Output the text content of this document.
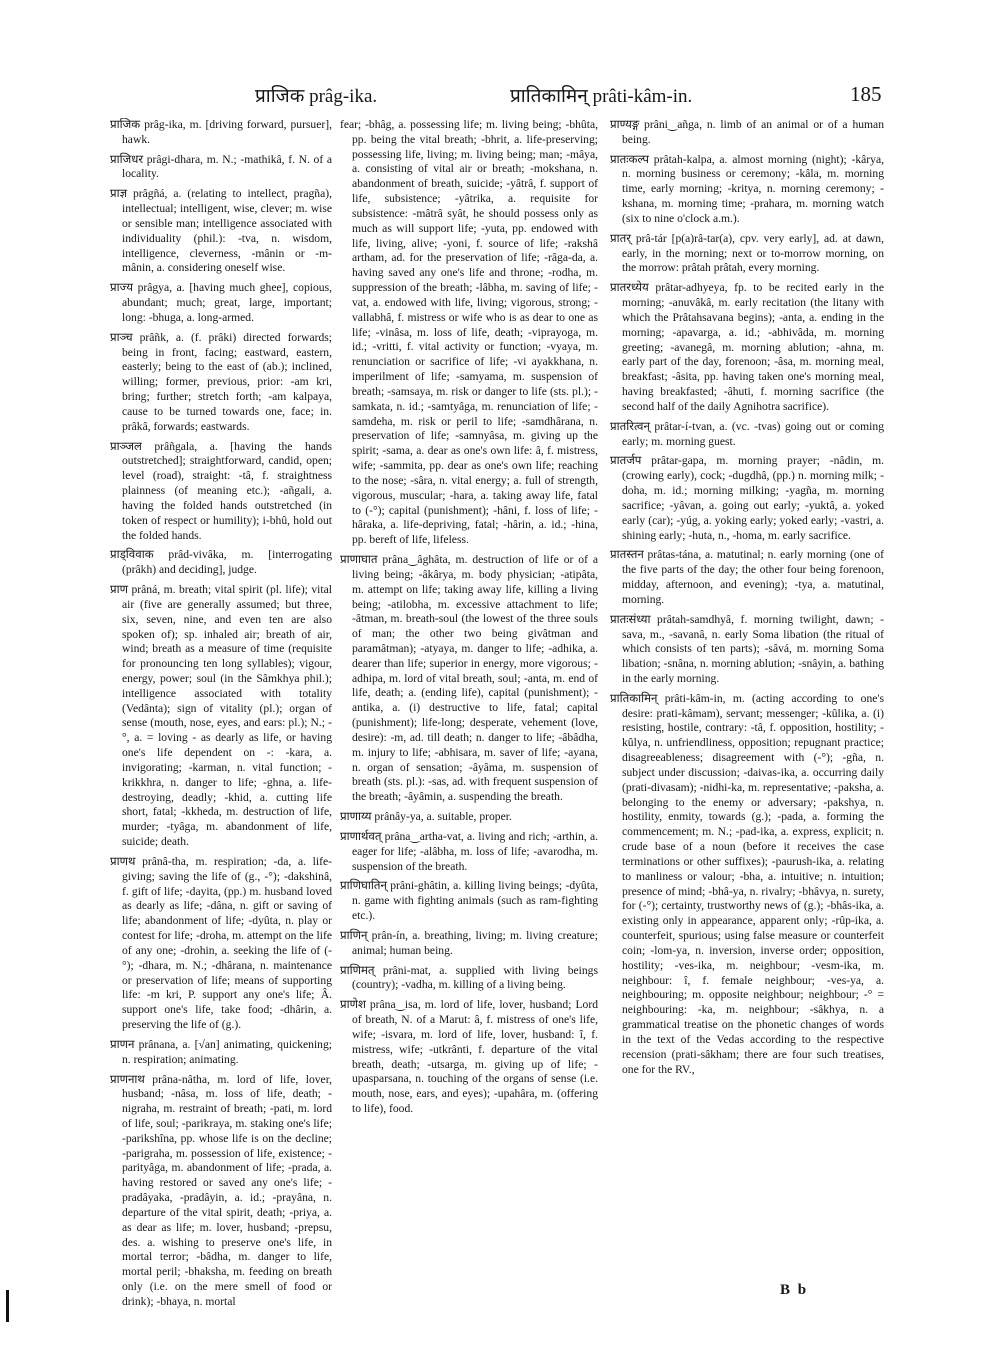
प्राजिक prâg-ika.	प्रातिकामिन् prâti-kâm-in.	185

प्राजिक prâg-ika, m. [driving forward, pursuer], hawk.

प्राजिधर prâgi-dhara, m. N.; -mathikâ, f. N. of a locality.

प्राज्ञ prâgñá, a. (relating to intellect, pragña), intellectual; intelligent, wise, clever; m. wise or sensible man; intelligence associated with individuality (phil.): -tva, n. wisdom, intelligence, cleverness, -mânin or -m-mânin, a. considering oneself wise.

प्राज्य prâgya, a. [having much ghee], copious, abundant; much; great, large, important; long: -bhuga, a. long-armed.

प्राञ्च prâñk, a. (f. prâki) directed forwards; being in front, facing; eastward, eastern, easterly; being to the east of (ab.); inclined, willing; former, previous, prior: -am kri, bring; further; stretch forth; -am kalpaya, cause to be turned towards one, face; in. prâkâ, forwards; eastwards.

प्राञ्जल prâñgala, a. [having the hands outstretched]; straightforward, candid, open; level (road), straight: -tâ, f. straightness plainness (of meaning etc.); -añgali, a. having the folded hands outstretched (in token of respect or humility); i-bhû, hold out the folded hands.

प्राड्विवाक prâd-vivâka, m. [interrogating (prâkh) and deciding], judge.

प्राण prâná, m. breath; vital spirit (pl. life); vital air (five are generally assumed; but three, six, seven, nine, and even ten are also spoken of); sp. inhaled air; breath of air, wind; breath as a measure of time (requisite for pronouncing ten long syllables); vigour, energy, power; soul (in the Sâmkhya phil.); intelligence associated with totality (Vedânta); sign of vitality (pl.); organ of sense (mouth, nose, eyes, and ears: pl.); N.; -°, a. = loving - as dearly as life, or having one's life dependent on -: -kara, a. invigorating; -karman, n. vital function; -krikkhra, n. danger to life; -ghna, a. life-destroying, deadly; -khid, a. cutting life short, fatal; -kkheda, m. destruction of life, murder; -tyâga, m. abandonment of life, suicide; death.

प्राणथ prânâ-tha, m. respiration; -da, a. life-giving; saving the life of (g., -°); -dakshinâ, f. gift of life; -dayita, (pp.) m. husband loved as dearly as life; -dâna, n. gift or saving of life; abandonment of life; -dyûta, n. play or contest for life; -droha, m. attempt on the life of any one; -drohin, a. seeking the life of (-°); -dhara, m. N.; -dhârana, n. maintenance or preservation of life; means of supporting life: -m kri, P. support any one's life; Â. support one's life, take food; -dhârin, a. preserving the life of (g.).

प्राणन prânana, a. [√an] animating, quickening; n. respiration; animating.

प्राणनाथ prâna-nâtha, m. lord of life, lover, husband; -nâsa, m. loss of life, death; -nigraha, m. restraint of breath; -pati, m. lord of life, soul; -parikraya, m. staking one's life; -parikshîna, pp. whose life is on the decline; -parigraha, m. possession of life, existence; -parityâga, m. abandonment of life; -prada, a. having restored or saved any one's life; -pradâyaka, -pradâyin, a. id.; -prayâna, n. departure of the vital spirit, death; -priya, a. as dear as life; m. lover, husband; -prepsu, des. a. wishing to preserve one's life, in mortal terror; -bâdha, m. danger to life, mortal peril; -bhaksha, m. feeding on breath only (i.e. on the mere smell of food or drink); -bhaya, n. mortal

fear; -bhâg, a. possessing life; m. living being; -bhûta, pp. being the vital breath; -bhrit, a. life-preserving; possessing life, living; m. living being; man; -mâya, a. consisting of vital air or breath; -mokshana, n. abandonment of breath, suicide; -yâtrâ, f. support of life, subsistence; -yâtrika, a. requisite for subsistence: -mâtrâ syât, he should possess only as much as will support life; -yuta, pp. endowed with life, living, alive; -yoni, f. source of life; -rakshâ artham, ad. for the preservation of life; -râga-da, a. having saved any one's life and throne; -rodha, m. suppression of the breath; -lâbha, m. saving of life; -vat, a. endowed with life, living; vigorous, strong; -vallabhâ, f. mistress or wife who is as dear to one as life; -vinâsa, m. loss of life, death; -viprayoga, m. id.; -vritti, f. vital activity or function; -vyaya, m. renunciation or sacrifice of life; -vi ayakkhana, n. imperilment of life; -samyama, m. suspension of breath; -samsaya, m. risk or danger to life (sts. pl.); -samkata, n. id.; -samtyâga, m. renunciation of life; -samdeha, m. risk or peril to life; -samdhârana, n. preservation of life; -samnyâsa, m. giving up the spirit; -sama, a. dear as one's own life: â, f. mistress, wife; -sammita, pp. dear as one's own life; reaching to the nose; -sâra, n. vital energy; a. full of strength, vigorous, muscular; -hara, a. taking away life, fatal to (-°); capital (punishment); -hâni, f. loss of life; -hâraka, a. life-depriving, fatal; -hârin, a. id.; -hina, pp. bereft of life, lifeless.

प्राणाघात prâna‿âghâta, m. destruction of life or of a living being; -âkârya, m. body physician; -atipâta, m. attempt on life; taking away life, killing a living being; -atilobha, m. excessive attachment to life; -âtman, m. breath-soul (the lowest of the three souls of man; the other two being givâtman and paramâtman); -atyaya, m. danger to life; -adhika, a. dearer than life; superior in energy, more vigorous; -adhipa, m. lord of vital breath, soul; -anta, m. end of life, death; a. (ending life), capital (punishment); -antika, a. (i) destructive to life, fatal; capital (punishment); life-long; desperate, vehement (love, desire): -m, ad. till death; n. danger to life; -âbâdha, m. injury to life; -abhisara, m. saver of life; -ayana, n. organ of sensation; -âyâma, m. suspension of breath (sts. pl.): -sas, ad. with frequent suspension of the breath; -âyâmin, a. suspending the breath.

प्राणाय्य prânây-ya, a. suitable, proper.

प्राणार्थवत् prâna‿artha-vat, a. living and rich; -arthin, a. eager for life; -alâbha, m. loss of life; -avarodha, m. suspension of the breath.

प्राणिघातिन् prâni-ghâtin, a. killing living beings; -dyûta, n. game with fighting animals (such as ram-fighting etc.).

प्राणिन् prân-ín, a. breathing, living; m. living creature; animal; human being.

प्राणिमत् prâni-mat, a. supplied with living beings (country); -vadha, m. killing of a living being.

प्राणेश prâna‿isa, m. lord of life, lover, husband; Lord of breath, N. of a Marut: â, f. mistress of one's life, wife; -isvara, m. lord of life, lover, husband: î, f. mistress, wife; -utkrânti, f. departure of the vital breath, death; -utsarga, m. giving up of life; -upasparsana, n. touching of the organs of sense (i.e. mouth, nose, ears, and eyes); -upahâra, m. (offering to life), food.

प्राण्यङ्ग prâni‿añga, n. limb of an animal or of a human being.

प्रातःकल्प prâtah-kalpa, a. almost morning (night); -kârya, n. morning business or ceremony; -kâla, m. morning time, early morning; -kritya, n. morning ceremony; -kshana, m. morning time; -prahara, m. morning watch (six to nine o'clock a.m.).

प्रातर् prâ-tár [p(a)râ-tar(a), cpv. very early], ad. at dawn, early, in the morning; next or to-morrow morning, on the morrow: prâtah prâtah, every morning.

प्रातरध्येय prâtar-adhyeya, fp. to be recited early in the morning; -anuvâkâ, m. early recitation (the litany with which the Prâtahsavana begins); -anta, a. ending in the morning; -apavarga, a. id.; -abhivâda, m. morning greeting; -avanegâ, m. morning ablution; -ahna, m. early part of the day, forenoon; -âsa, m. morning meal, breakfast; -âsita, pp. having taken one's morning meal, having breakfasted; -âhuti, f. morning sacrifice (the second half of the daily Agnihotra sacrifice).

प्रातरित्वन् prâtar-í-tvan, a. (vc. -tvas) going out or coming early; m. morning guest.

प्रातर्जप prâtar-gapa, m. morning prayer; -nâdin, m. (crowing early), cock; -dugdhâ, (pp.) n. morning milk; -doha, m. id.; morning milking; -yagña, m. morning sacrifice; -yâvan, a. going out early; -yuktâ, a. yoked early (car); -yúg, a. yoking early; yoked early; -vastri, a. shining early; -huta, n., -homa, m. early sacrifice.

प्रातस्तन prâtas-tána, a. matutinal; n. early morning (one of the five parts of the day; the other four being forenoon, midday, afternoon, and evening); -tya, a. matutinal, morning.

प्रातःसंध्या prâtah-samdhyâ, f. morning twilight, dawn; -sava, m., -savanâ, n. early Soma libation (the ritual of which consists of ten parts); -sâvá, m. morning Soma libation; -snâna, n. morning ablution; -snâyin, a. bathing in the early morning.

प्रातिकामिन् prâti-kâm-in, m. (acting according to one's desire: prati-kâmam), servant; messenger; -kûlika, a. (i) resisting, hostile, contrary: -tâ, f. opposition, hostility; -kûlya, n. unfriendliness, opposition; repugnant practice; disagreeableness; disagreement with (-°); -gña, n. subject under discussion; -daivas-ika, a. occurring daily (prati-divasam); -nidhi-ka, m. representative; -paksha, a. belonging to the enemy or adversary; -pakshya, n. hostility, enmity, towards (g.); -pada, a. forming the commencement; m. N.; -pad-ika, a. express, explicit; n. crude base of a noun (before it receives the case terminations or other suffixes); -paurush-ika, a. relating to manliness or valour; -bha, a. intuitive; n. intuition; presence of mind; -bhâ-ya, n. rivalry; -bhâvya, n. surety, for (-°); certainty, trustworthy news of (g.); -bhâs-ika, a. existing only in appearance, apparent only; -rûp-ika, a. counterfeit, spurious; using false measure or counterfeit coin; -lom-ya, n. inversion, inverse order; opposition, hostility; -ves-ika, m. neighbour; -vesm-ika, m. neighbour: î, f. female neighbour; -ves-ya, a. neighbouring; m. opposite neighbour; neighbour; -° = neighbouring: -ka, m. neighbour; -sâkhya, n. a grammatical treatise on the phonetic changes of words in the text of the Vedas according to the respective recension (prati-sâkham; there are four such treatises, one for the RV.,

B b
